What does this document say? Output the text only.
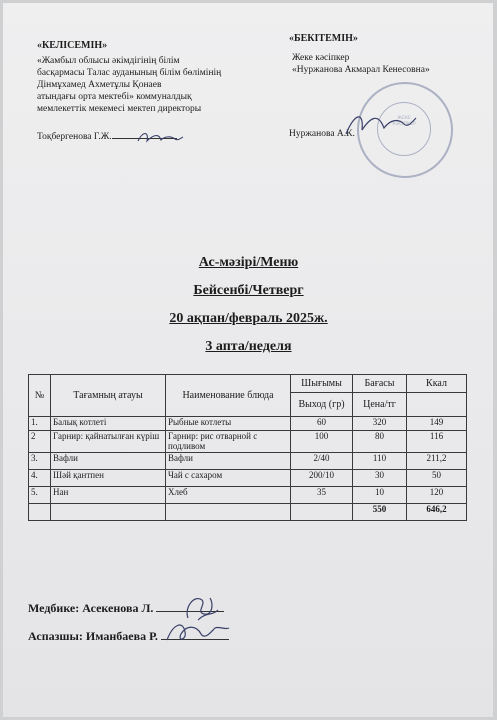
«КЕЛІСЕМІН»
«Жамбыл облысы әкімдігінің білім
басқармасы Талас ауданының білім бөлімінің
Дінмұхамед Ахметұлы Қонаев
атындағы орта мектебі» коммуналдық
мемлекеттік мекемесі мектеп директоры
Тоқбергенова Г.Ж.
«БЕКІТЕМІН»
Жеке кәсіпкер
«Нуржанова Акмарал Кенесовна»
Нуржанова А.К.
ЖЕКЕ КӘСІПКЕР
Ас-мәзірі/Меню
Бейсенбі/Четверг
20 ақпан/февраль 2025ж.
3 апта/неделя
№	Тағамның атауы	Наименование блюда	Шығымы	Бағасы	Ккал
			Выход (гр)	Цена/тг	
1.	Балық котлеті	Рыбные котлеты	60	320	149
2	Гарнир: қайнатылған күріш	Гарнир: рис отварной с подливом	100	80	116
3.	Вафли	Вафли	2/40	110	211,2
4.	Шәй қантпен	Чай с сахаром	200/10	30	50
5.	Нан	Хлеб	35	10	120
				550	646,2
Медбике: Асекенова Л.
Аспазшы: Иманбаева Р.
